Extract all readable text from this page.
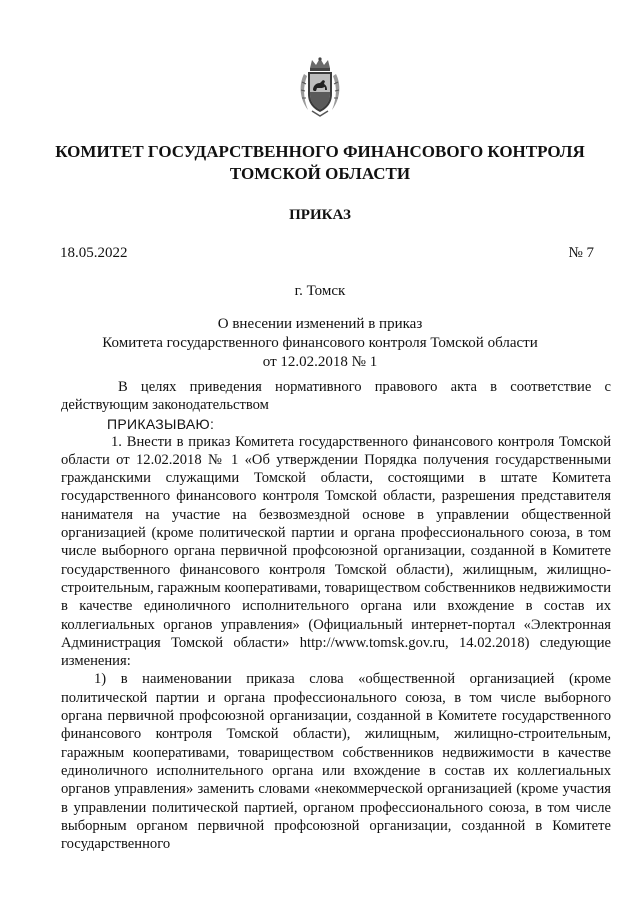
КОМИТЕТ ГОСУДАРСТВЕННОГО ФИНАНСОВОГО КОНТРОЛЯ
ТОМСКОЙ ОБЛАСТИ
ПРИКАЗ
18.05.2022	№ 7
г. Томск
О внесении изменений в приказ
Комитета государственного финансового контроля Томской области
от 12.02.2018 № 1

В целях приведения нормативного правового акта в соответствие с действующим законодательством

ПРИКАЗЫВАЮ:

1. Внести в приказ Комитета государственного финансового контроля Томской области от 12.02.2018 № 1 «Об утверждении Порядка получения государственными гражданскими служащими Томской области, состоящими в штате Комитета государственного финансового контроля Томской области, разрешения представителя нанимателя на участие на безвозмездной основе в управлении общественной организацией (кроме политической партии и органа профессионального союза, в том числе выборного органа первичной профсоюзной организации, созданной в Комитете государственного финансового контроля Томской области), жилищным, жилищно-строительным, гаражным кооперативами, товариществом собственников недвижимости в качестве единоличного исполнительного органа или вхождение в состав их коллегиальных органов управления» (Официальный интернет-портал «Электронная Администрация Томской области» http://www.tomsk.gov.ru, 14.02.2018) следующие изменения:

1) в наименовании приказа слова «общественной организацией (кроме политической партии и органа профессионального союза, в том числе выборного органа первичной профсоюзной организации, созданной в Комитете государственного финансового контроля Томской области), жилищным, жилищно-строительным, гаражным кооперативами, товариществом собственников недвижимости в качестве единоличного исполнительного органа или вхождение в состав их коллегиальных органов управления» заменить словами «некоммерческой организацией (кроме участия в управлении политической партией, органом профессионального союза, в том числе выборным органом первичной профсоюзной организации, созданной в Комитете государственного
